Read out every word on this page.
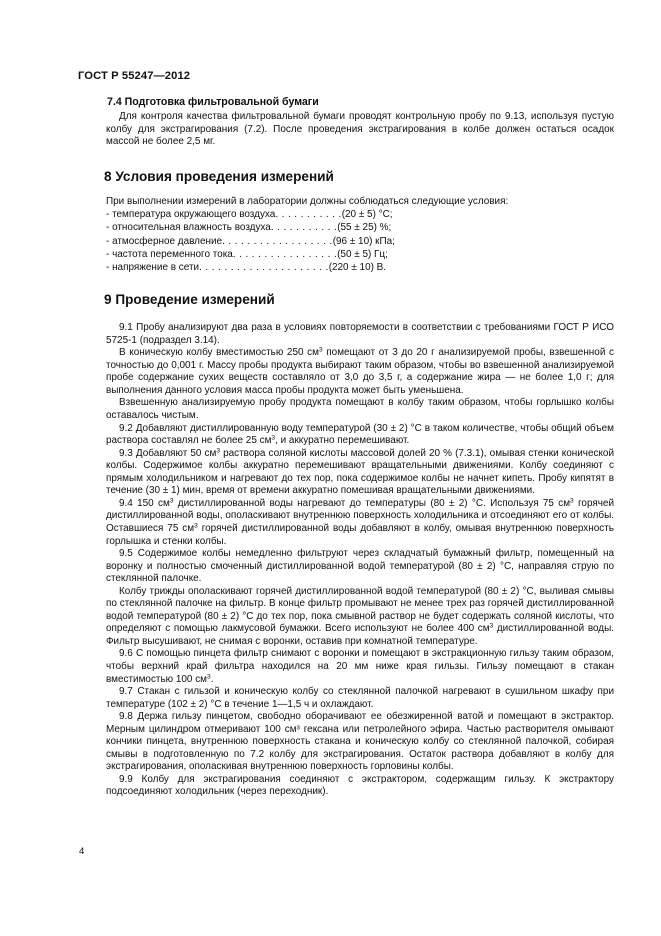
ГОСТ Р 55247—2012
7.4 Подготовка фильтровальной бумаги

Для контроля качества фильтровальной бумаги проводят контрольную пробу по 9.13, используя пустую колбу для экстрагирования (7.2). После проведения экстрагирования в колбе должен остаться осадок массой не более 2,5 мг.

8 Условия проведения измерений

При выполнении измерений в лаборатории должны соблюдаться следующие условия:

- температура окружающего воздуха. . . . . . . . . . .(20 ± 5) °С;
- относительная влажность воздуха. . . . . . . . . . .(55 ± 25) %;
- атмосферное давление. . . . . . . . . . . . . . . . . .(96 ± 10) кПа;
- частота переменного тока. . . . . . . . . . . . . . . . .(50 ± 5) Гц;
- напряжение в сети. . . . . . . . . . . . . . . . . . . . .(220 ± 10) В.
9 Проведение измерений

9.1 Пробу анализируют два раза в условиях повторяемости в соответствии с требованиями ГОСТ Р ИСО 5725-1 (подраздел 3.14).

В коническую колбу вместимостью 250 $см^3$ помещают от 3 до 20 г анализируемой пробы, взвешенной с точностью до 0,001 г. Массу пробы продукта выбирают таким образом, чтобы во взвешенной анализируемой пробе содержание сухих веществ составляло от 3,0 до 3,5 г, а содержание жира — не более 1,0 г; для выполнения данного условия масса пробы продукта может быть уменьшена.

Взвешенную анализируемую пробу продукта помещают в колбу таким образом, чтобы горлышко колбы оставалось чистым.

9.2 Добавляют дистиллированную воду температурой (30 ± 2) °С в таком количестве, чтобы общий объем раствора составлял не более 25 $см^3$, и аккуратно перемешивают.

9.3 Добавляют 50 $см^3$ раствора соляной кислоты массовой долей 20 % (7.3.1), омывая стенки конической колбы. Содержимое колбы аккуратно перемешивают вращательными движениями. Колбу соединяют с прямым холодильником и нагревают до тех пор, пока содержимое колбы не начнет кипеть. Пробу кипятят в течение (30 ± 1) мин, время от времени аккуратно помешивая вращательными движениями.

9.4 150 $см^3$ дистиллированной воды нагревают до температуры (80 ± 2) °С. Используя 75 $см^3$ горячей дистиллированной воды, ополаскивают внутреннюю поверхность холодильника и отсоединяют его от колбы. Оставшиеся 75 $см^3$ горячей дистиллированной воды добавляют в колбу, омывая внутреннюю поверхность горлышка и стенки колбы.

9.5 Содержимое колбы немедленно фильтруют через складчатый бумажный фильтр, помещенный на воронку и полностью смоченный дистиллированной водой температурой (80 ± 2) °С, направляя струю по стеклянной палочке.

Колбу трижды ополаскивают горячей дистиллированной водой температурой (80 ± 2) °С, выливая смывы по стеклянной палочке на фильтр. В конце фильтр промывают не менее трех раз горячей дистиллированной водой температурой (80 ± 2) °С до тех пор, пока смывной раствор не будет содержать соляной кислоты, что определяют с помощью лакмусовой бумажки. Всего используют не более 400 $см^3$ дистиллированной воды. Фильтр высушивают, не снимая с воронки, оставив при комнатной температуре.

9.6 С помощью пинцета фильтр снимают с воронки и помещают в экстракционную гильзу таким образом, чтобы верхний край фильтра находился на 20 мм ниже края гильзы. Гильзу помещают в стакан вместимостью 100 $см^3$.

9.7 Стакан с гильзой и коническую колбу со стеклянной палочкой нагревают в сушильном шкафу при температуре (102 ± 2) °С в течение 1—1,5 ч и охлаждают.

9.8 Держа гильзу пинцетом, свободно оборачивают ее обезжиренной ватой и помещают в экстрактор. Мерным цилиндром отмеривают 100 см³ гексана или петролейного эфира. Частью растворителя омывают кончики пинцета, внутреннюю поверхность стакана и коническую колбу со стеклянной палочкой, собирая смывы в подготовленную по 7.2 колбу для экстрагирования. Остаток раствора добавляют в колбу для экстрагирования, ополаскивая внутреннюю поверхность горловины колбы.

9.9 Колбу для экстрагирования соединяют с экстрактором, содержащим гильзу. К экстрактору подсоединяют холодильник (через переходник).

4
